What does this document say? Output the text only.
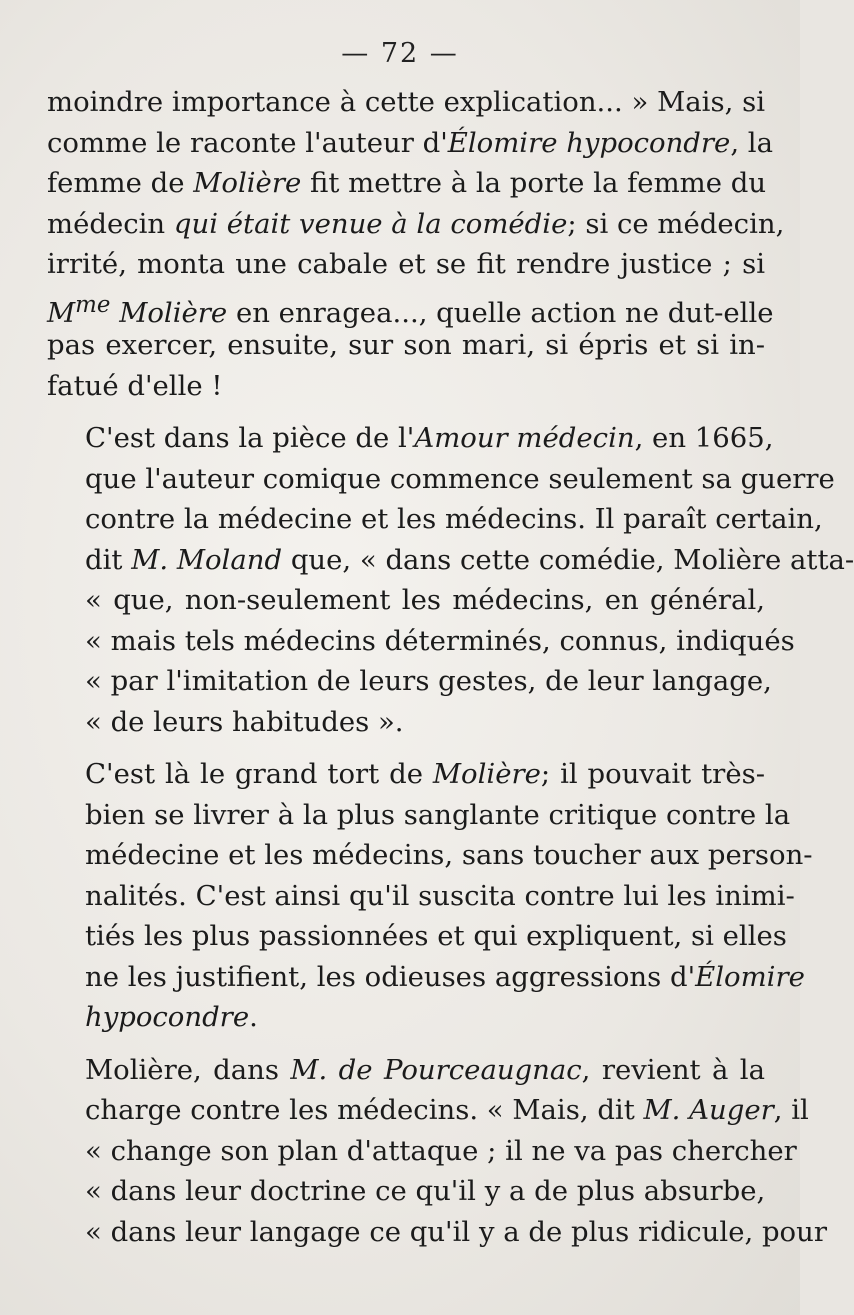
— 72 —
moindre importance à cette explication... » Mais, si
comme le raconte l'auteur d'Élomire hypocondre, la
femme de Molière fit mettre à la porte la femme du
médecin qui était venue à la comédie; si ce médecin,
irrité, monta une cabale et se fit rendre justice ; si
$M^{me}$ Molière en enragea..., quelle action ne dut-elle
pas exercer, ensuite, sur son mari, si épris et si in-
fatué d'elle !
C'est dans la pièce de l'Amour médecin, en 1665,
que l'auteur comique commence seulement sa guerre
contre la médecine et les médecins. Il paraît certain,
dit M. Moland que, « dans cette comédie, Molière atta-
« que, non-seulement les médecins, en général,
« mais tels médecins déterminés, connus, indiqués
« par l'imitation de leurs gestes, de leur langage,
« de leurs habitudes ».
C'est là le grand tort de Molière; il pouvait très-
bien se livrer à la plus sanglante critique contre la
médecine et les médecins, sans toucher aux person-
nalités. C'est ainsi qu'il suscita contre lui les inimi-
tiés les plus passionnées et qui expliquent, si elles
ne les justifient, les odieuses aggressions d'Élomire
hypocondre.
Molière, dans M. de Pourceaugnac, revient à la
charge contre les médecins. « Mais, dit M. Auger, il
« change son plan d'attaque ; il ne va pas chercher
« dans leur doctrine ce qu'il y a de plus absurbe,
« dans leur langage ce qu'il y a de plus ridicule, pour
